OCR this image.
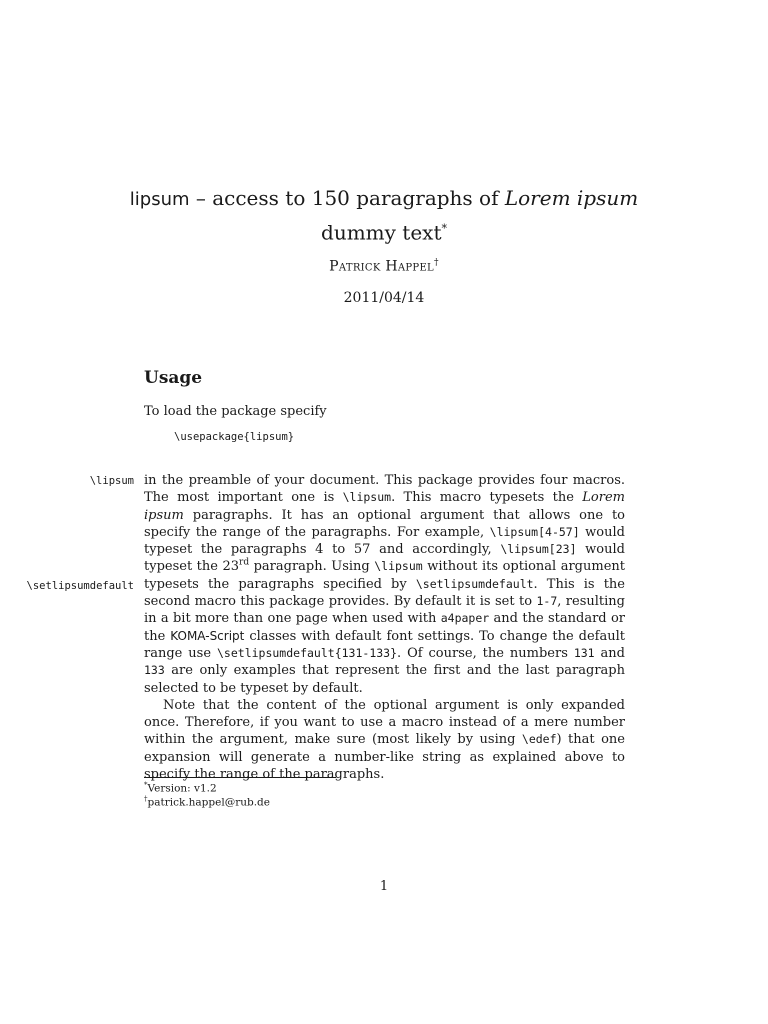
lipsum – access to 150 paragraphs of Lorem ipsum
dummy text*
Patrick Happel†
2011/04/14
Usage
To load the package specify
\usepackage{lipsum}
\lipsum
\setlipsumdefault

in the preamble of your document. This package provides four macros. The most important one is \lipsum. This macro typesets the Lorem ipsum paragraphs. It has an optional argument that allows one to specify the range of the paragraphs. For example, \lipsum[4-57] would typeset the paragraphs 4 to 57 and accordingly, \lipsum[23] would typeset the 23rd paragraph. Using \lipsum without its optional argument typesets the paragraphs specified by \setlipsumdefault. This is the second macro this package provides. By default it is set to 1-7, resulting in a bit more than one page when used with a4paper and the standard or the KOMA-Script classes with default font settings. To change the default range use \setlipsumdefault{131-133}. Of course, the numbers 131 and 133 are only examples that represent the first and the last paragraph selected to be typeset by default.

Note that the content of the optional argument is only expanded once. Therefore, if you want to use a macro instead of a mere number within the argument, make sure (most likely by using \edef) that one expansion will generate a number-like string as explained above to specify the range of the paragraphs.

*Version: v1.2
†patrick.happel@rub.de
1
